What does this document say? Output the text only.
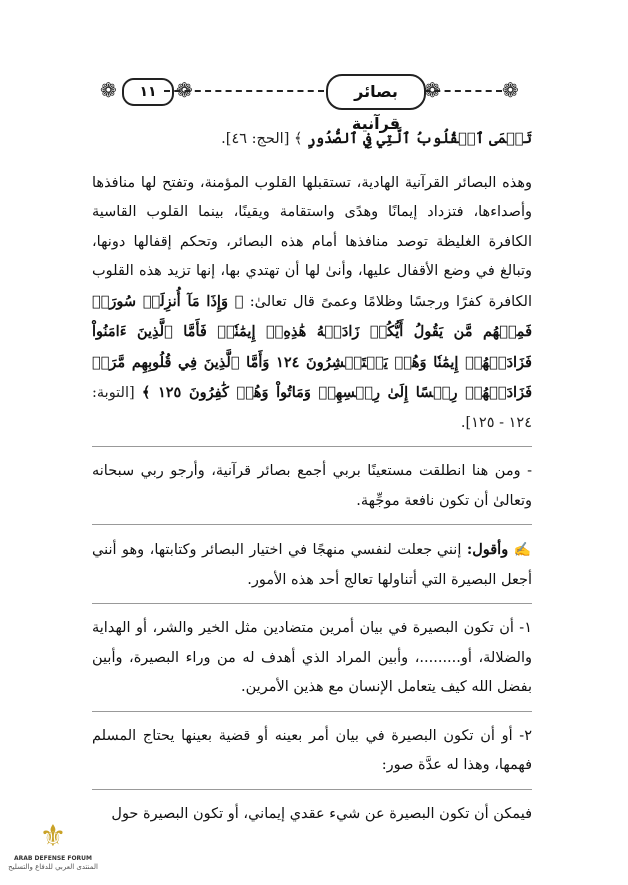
❁	١١ ❁	بصائر قرآنية
❁	❁

تَعۡمَى ٱلۡقُلُوبُ ٱلَّتِي فِي ٱلصُّدُورِ ﴾ [الحج: ٤٦].

وهذه البصائر القرآنية الهادية، تستقبلها القلوب المؤمنة، وتفتح لها منافذها وأصداءها، فتزداد إيمانًا وهدًى واستقامة ويقينًا، بينما القلوب القاسية الكافرة الغليظة توصد منافذها أمام هذه البصائر، وتحكم إقفالها دونها، وتبالغ في وضع الأقفال عليها، وأنىٰ لها أن تهتدي بها، إنها تزيد هذه القلوب الكافرة كفرًا ورجسًا وظلامًا وعمىً قال تعالىٰ: ﴿ وَإِذَا مَآ أُنزِلَتۡ سُورَةٞ فَمِنۡهُم مَّن يَقُولُ أَيُّكُمۡ زَادَتۡهُ هَٰذِهِۦٓ إِيمَٰنٗاۚ فَأَمَّا ٱلَّذِينَ ءَامَنُواْ فَزَادَتۡهُمۡ إِيمَٰنٗا وَهُمۡ يَسۡتَبۡشِرُونَ ١٢٤ وَأَمَّا ٱلَّذِينَ فِي قُلُوبِهِم مَّرَضٞ فَزَادَتۡهُمۡ رِجۡسًا إِلَىٰ رِجۡسِهِمۡ وَمَاتُواْ وَهُمۡ كَٰفِرُونَ ١٢٥ ﴾ [التوبة: ١٢٤ - ١٢٥].

- ومن هنا انطلقت مستعينًا بربي أجمع بصائر قرآنية، وأرجو ربي سبحانه وتعالىٰ أن تكون نافعة موجِّهة.

✍ وأقول: إنني جعلت لنفسي منهجًا في اختيار البصائر وكتابتها، وهو أنني أجعل البصيرة التي أتناولها تعالج أحد هذه الأمور.

١- أن تكون البصيرة في بيان أمرين متضادين مثل الخير والشر، أو الهداية والضلالة، أو.........، وأبين المراد الذي أهدف له من وراء البصيرة، وأبين بفضل الله كيف يتعامل الإنسان مع هذين الأمرين.

٢- أو أن تكون البصيرة في بيان أمر بعينه أو قضية بعينها يحتاج المسلم فهمها، وهذا له عدَّة صور:

فيمكن أن تكون البصيرة عن شيء عقدي إيماني، أو تكون البصيرة حول

⚜
ARAB DEFENSE FORUM
المنتدى العربي للدفاع والتسليح
